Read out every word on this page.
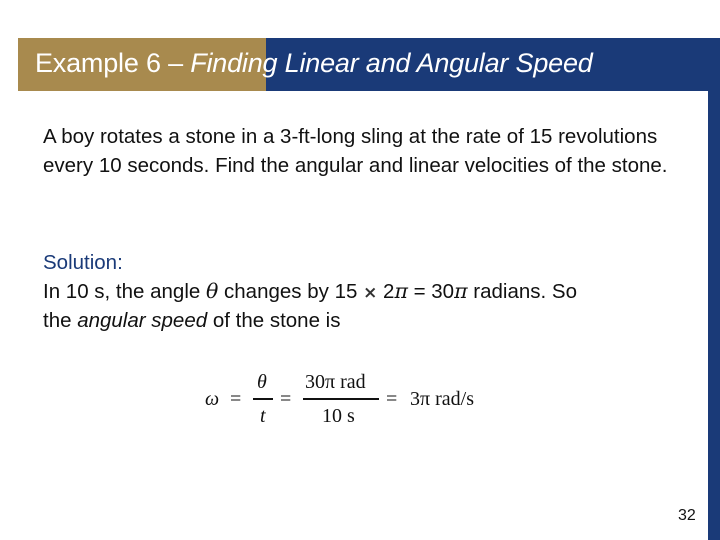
Example 6 – Finding Linear and Angular Speed
A boy rotates a stone in a 3-ft-long sling at the rate of 15 revolutions every 10 seconds. Find the angular and linear velocities of the stone.
Solution:
In 10 s, the angle θ changes by 15 × 2π = 30π radians. So
the angular speed of the stone is
ω =
θ
t
=
30π rad
10 s
= 3π rad/s
32
